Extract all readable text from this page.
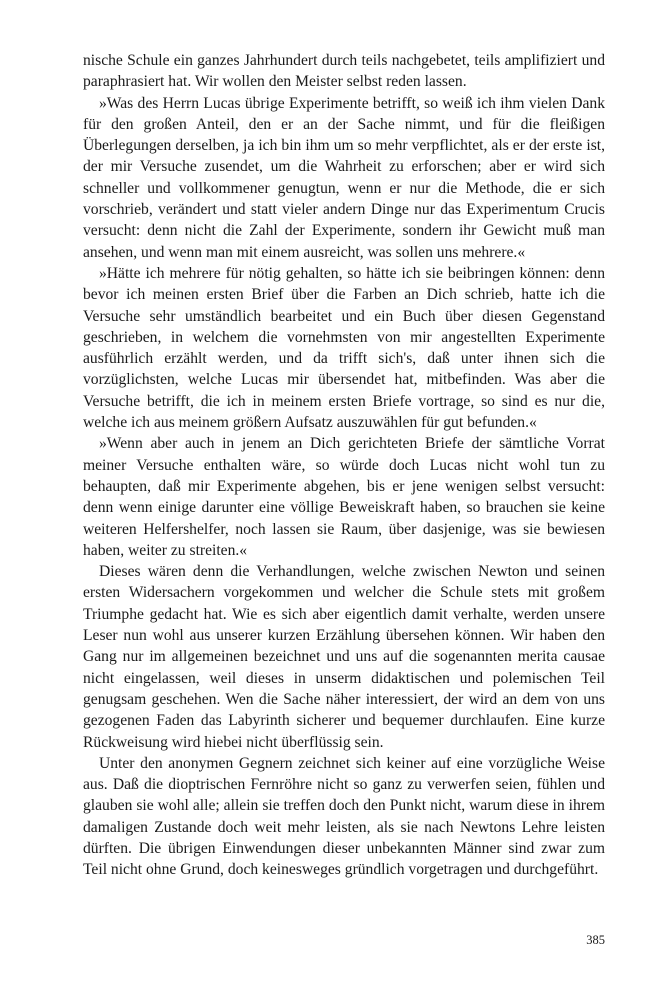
nische Schule ein ganzes Jahrhundert durch teils nachgebetet, teils amplifiziert und paraphrasiert hat. Wir wollen den Meister selbst reden lassen.

»Was des Herrn Lucas übrige Experimente betrifft, so weiß ich ihm vielen Dank für den großen Anteil, den er an der Sache nimmt, und für die fleißigen Überlegungen derselben, ja ich bin ihm um so mehr verpflichtet, als er der erste ist, der mir Versuche zusendet, um die Wahrheit zu erforschen; aber er wird sich schneller und vollkommener genugtun, wenn er nur die Methode, die er sich vorschrieb, verändert und statt vieler andern Dinge nur das Experimentum Crucis versucht: denn nicht die Zahl der Experimente, sondern ihr Gewicht muß man ansehen, und wenn man mit einem ausreicht, was sollen uns mehrere.«

»Hätte ich mehrere für nötig gehalten, so hätte ich sie beibringen können: denn bevor ich meinen ersten Brief über die Farben an Dich schrieb, hatte ich die Versuche sehr umständlich bearbeitet und ein Buch über diesen Gegenstand geschrieben, in welchem die vornehmsten von mir angestellten Experimente ausführlich erzählt werden, und da trifft sich's, daß unter ihnen sich die vorzüglichsten, welche Lucas mir übersendet hat, mitbefinden. Was aber die Versuche betrifft, die ich in meinem ersten Briefe vortrage, so sind es nur die, welche ich aus meinem größern Aufsatz auszuwählen für gut befunden.«

»Wenn aber auch in jenem an Dich gerichteten Briefe der sämtliche Vorrat meiner Versuche enthalten wäre, so würde doch Lucas nicht wohl tun zu behaupten, daß mir Experimente abgehen, bis er jene wenigen selbst versucht: denn wenn einige darunter eine völlige Beweiskraft haben, so brauchen sie keine weiteren Helfershelfer, noch lassen sie Raum, über dasjenige, was sie bewiesen haben, weiter zu streiten.«

Dieses wären denn die Verhandlungen, welche zwischen Newton und seinen ersten Widersachern vorgekommen und welcher die Schule stets mit großem Triumphe gedacht hat. Wie es sich aber eigentlich damit verhalte, werden unsere Leser nun wohl aus unserer kurzen Erzählung übersehen können. Wir haben den Gang nur im allgemeinen bezeichnet und uns auf die sogenannten merita causae nicht eingelassen, weil dieses in unserm didaktischen und polemischen Teil genugsam geschehen. Wen die Sache näher interessiert, der wird an dem von uns gezogenen Faden das Labyrinth sicherer und bequemer durchlaufen. Eine kurze Rückweisung wird hiebei nicht überflüssig sein.

Unter den anonymen Gegnern zeichnet sich keiner auf eine vorzügliche Weise aus. Daß die dioptrischen Fernröhre nicht so ganz zu verwerfen seien, fühlen und glauben sie wohl alle; allein sie treffen doch den Punkt nicht, warum diese in ihrem damaligen Zustande doch weit mehr leisten, als sie nach Newtons Lehre leisten dürften. Die übrigen Einwendungen dieser unbekannten Männer sind zwar zum Teil nicht ohne Grund, doch keinesweges gründlich vorgetragen und durchgeführt.

385
